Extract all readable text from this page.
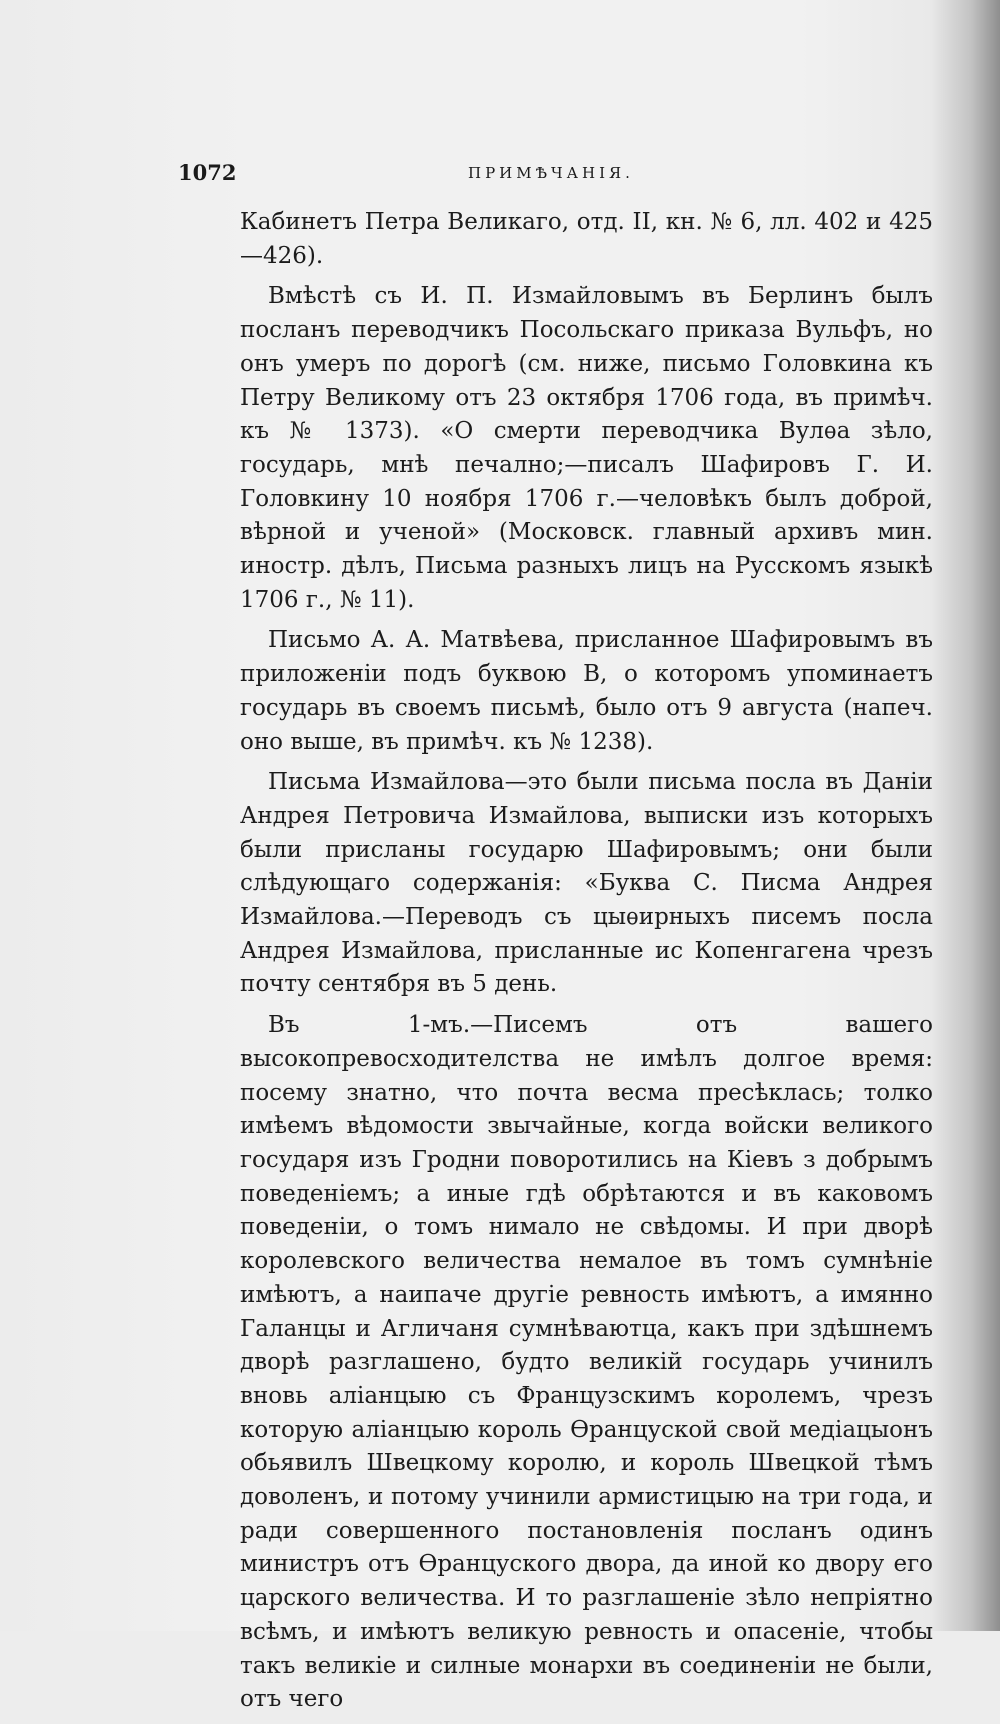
1072	ПРИМѢЧАНІЯ.

Кабинетъ Петра Великаго, отд. II, кн. № 6, лл. 402 и 425—426).

Вмѣстѣ съ И. П. Измайловымъ въ Берлинъ былъ посланъ переводчикъ Посольскаго приказа Вульфъ, но онъ умеръ по дорогѣ (см. ниже, письмо Головкина къ Петру Великому отъ 23 октября 1706 года, въ примѣч. къ № 1373). «О смерти переводчика Вулѳа зѣло, государь, мнѣ печално;—писалъ Шафировъ Г. И. Головкину 10 ноября 1706 г.—человѣкъ былъ доброй, вѣрной и ученой» (Московск. главный архивъ мин. иностр. дѣлъ, Письма разныхъ лицъ на Русскомъ языкѣ 1706 г., № 11).

Письмо А. А. Матвѣева, присланное Шафировымъ въ приложеніи подъ буквою B, о которомъ упоминаетъ государь въ своемъ письмѣ, было отъ 9 августа (напеч. оно выше, въ примѣч. къ № 1238).

Письма Измайлова—это были письма посла въ Даніи Андрея Петровича Измайлова, выписки изъ которыхъ были присланы государю Шафировымъ; они были слѣдующаго содержанія: «Буква С. Писма Андрея Измайлова.—Переводъ съ цыѳирныхъ писемъ посла Андрея Измайлова, присланные ис Копенгагена чрезъ почту сентября въ 5 день.

Въ 1-мъ.—Писемъ отъ вашего высокопревосходителства не имѣлъ долгое время: посему знатно, что почта весма пресѣклась; толко имѣемъ вѣдомости звычайные, когда войски великого государя изъ Гродни поворотились на Кіевъ з добрымъ поведеніемъ; а иные гдѣ обрѣтаются и въ каковомъ поведеніи, о томъ нимало не свѣдомы. И при дворѣ королевского величества немалое въ томъ сумнѣніе имѣютъ, а наипаче другіе ревность имѣютъ, а имянно Галанцы и Агличаня сумнѣваютца, какъ при здѣшнемъ дворѣ разглашено, будто великій государь учинилъ вновь аліанцыю съ Французскимъ королемъ, чрезъ которую аліанцыю король Ѳранцуской свой медіацыонъ обьявилъ Швецкому королю, и король Швецкой тѣмъ доволенъ, и потому учинили армистицыю на три года, и ради совершенного постановленія посланъ одинъ министръ отъ Ѳранцуского двора, да иной ко двору его царского величества. И то разглашеніе зѣло непріятно всѣмъ, и имѣютъ великую ревность и опасеніе, чтобы такъ великіе и силные монархи въ соединеніи не были, отъ чего
